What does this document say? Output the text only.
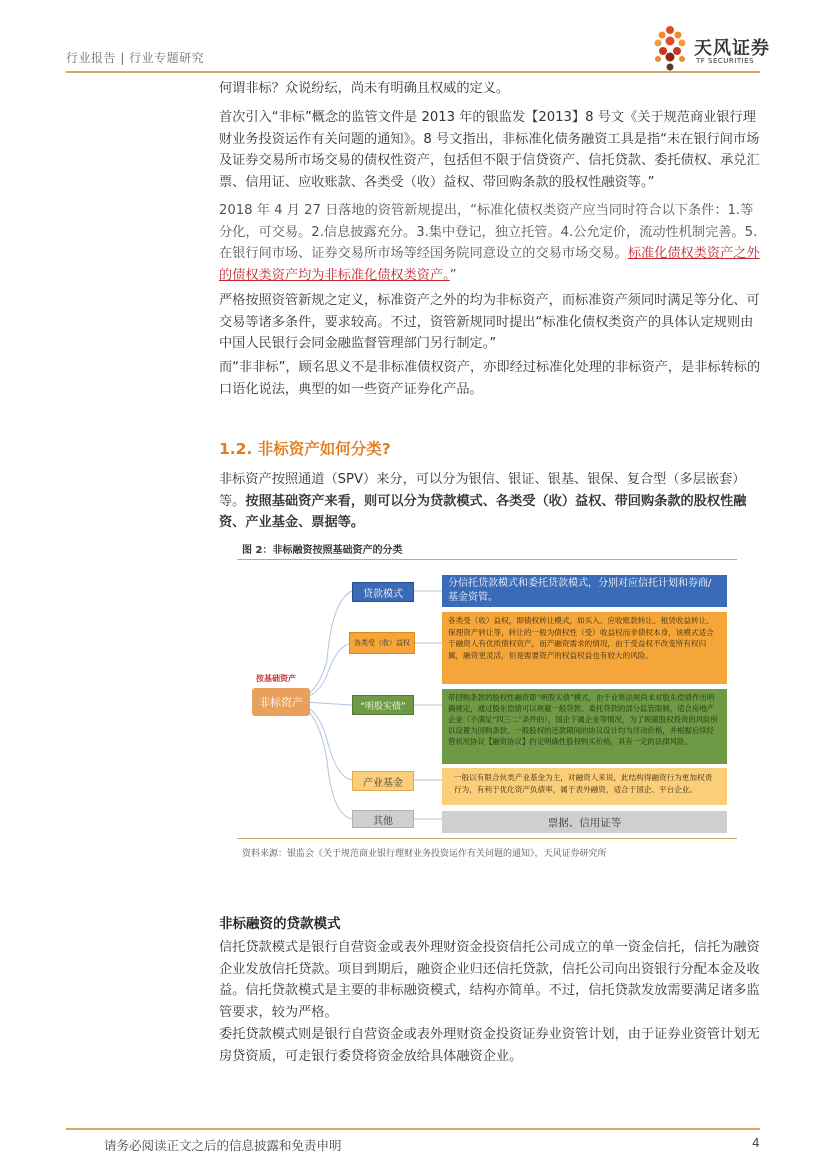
行业报告 | 行业专题研究	天风证券
TF SECURITIES
何谓非标？众说纷纭，尚未有明确且权威的定义。
首次引入“非标”概念的监管文件是 2013 年的银监发【2013】8 号文《关于规范商业银行理财业务投资运作有关问题的通知》。8 号文指出，非标准化债务融资工具是指“未在银行间市场及证券交易所市场交易的债权性资产，包括但不限于信贷资产、信托贷款、委托债权、承兑汇票、信用证、应收账款、各类受（收）益权、带回购条款的股权性融资等。”
2018 年 4 月 27 日落地的资管新规提出，“标准化债权类资产应当同时符合以下条件：1.等分化，可交易。2.信息披露充分。3.集中登记，独立托管。4.公允定价，流动性机制完善。5.在银行间市场、证券交易所市场等经国务院同意设立的交易市场交易。标准化债权类资产之外的债权类资产均为非标准化债权类资产。”
严格按照资管新规之定义，标准资产之外的均为非标资产，而标准资产须同时满足等分化、可交易等诸多条件，要求较高。不过，资管新规同时提出“标准化债权类资产的具体认定规则由中国人民银行会同金融监督管理部门另行制定。”
而“非非标”，顾名思义不是非标准债权资产，亦即经过标准化处理的非标资产，是非标转标的口语化说法，典型的如一些资产证券化产品。
1.2. 非标资产如何分类?
非标资产按照通道（SPV）来分，可以分为银信、银证、银基、银保、复合型（多层嵌套）等。按照基础资产来看，则可以分为贷款模式、各类受（收）益权、带回购条款的股权性融资、产业基金、票据等。
图 2：非标融资按照基础资产的分类
按基础资产
非标资产
贷款模式
各类受（收）益权
“明股实债”
产业基金
其他
分信托贷款模式和委托贷款模式，分别对应信托计划和券商/基金资管。
各类受（收）益权，即债权转让模式，如买入、应收账款转让、租赁收益转让、保理资产转让等，转让的一般为债权性（受）收益权而非债权本身，该模式适合于融资人有优质债权资产，而产融资需求的情况，由于受益权不改变所有权归属，融资更灵活，但是需要资产的权益权益也有较大的风险。
带回购条款的股权性融资即“明股实债”模式，由于业界法规尚未对股东偿债作出明确规定，通过股东偿债可以规避一般贷款、委托贷款的部分监管限制，适合房地产企业（不满足“四三二”条件的），国企下属企业等情况，为了规避股权投资的风险所以设置为回购条款，一般股权的还款期间的协议设计均为浮动价格，并根据后续经营状况协议【融资协议】约定明确性股权购买价格，具有一定的法律风险。
一般以有限合伙类产业基金为主，对融资人来说，此结构得融资行为更加权责行为，有利于优化资产负债率，属于表外融资，适合于国企、平台企业。
票据、信用证等
资料来源：银监会《关于规范商业银行理财业务投资运作有关问题的通知》，天风证券研究所
非标融资的贷款模式
信托贷款模式是银行自营资金或表外理财资金投资信托公司成立的单一资金信托，信托为融资企业发放信托贷款。项目到期后，融资企业归还信托贷款，信托公司向出资银行分配本金及收益。信托贷款模式是主要的非标融资模式，结构亦简单。不过，信托贷款发放需要满足诸多监管要求，较为严格。
委托贷款模式则是银行自营资金或表外理财资金投资证券业资管计划，由于证券业资管计划无房贷资质，可走银行委贷将资金放给具体融资企业。
请务必阅读正文之后的信息披露和免责申明	4
